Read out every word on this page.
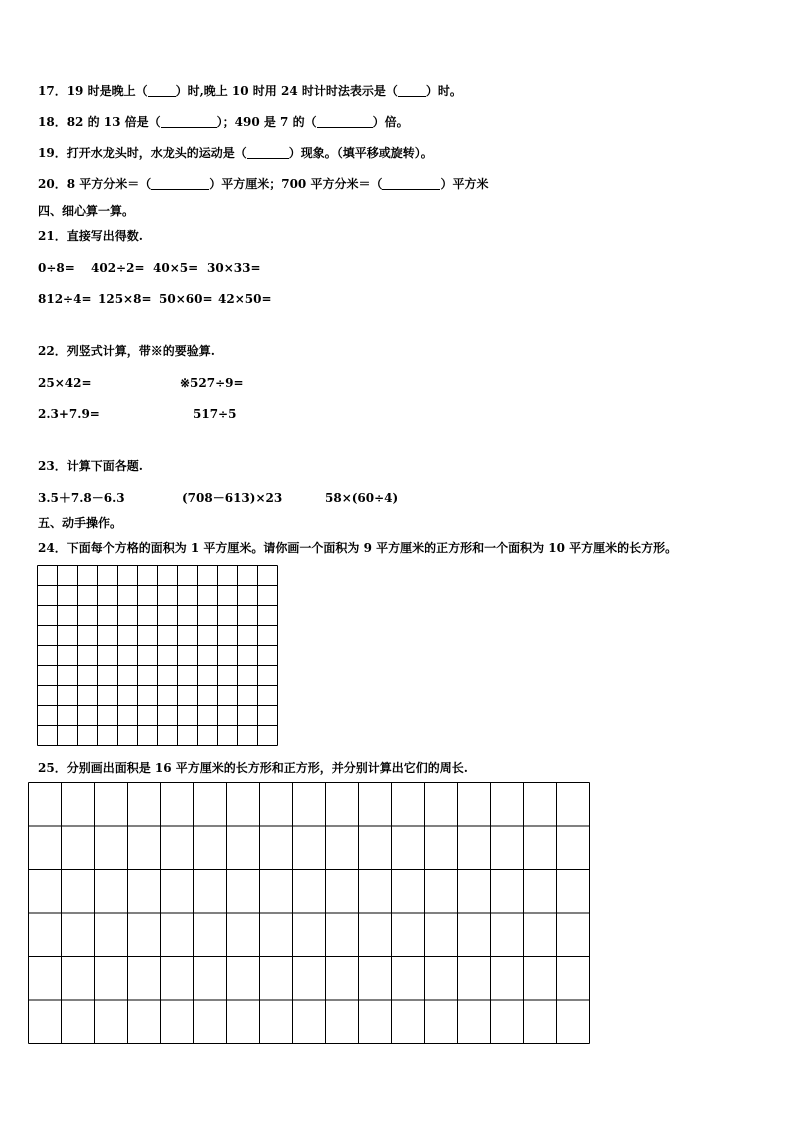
17．19 时是晚上（ ）时,晚上 10 时用 24 时计时法表示是（ ）时。
18．82 的 13 倍是（	）；490 是 7 的（	）倍。
19．打开水龙头时，水龙头的运动是（	）现象。（填平移或旋转）。
20．8 平方分米＝（	）平方厘米；700 平方分米＝（	）平方米
四、细心算一算。
21．直接写出得数.
0÷8= 402÷2= 40×5= 30×33=
812÷4= 125×8= 50×60= 42×50=
22．列竖式计算，带※的要验算.
25×42=	※527÷9=
2.3+7.9=	517÷5
23．计算下面各题.
3.5＋7.8－6.3	(708－613)×23	58×(60÷4)
五、动手操作。
24．下面每个方格的面积为 1 平方厘米。请你画一个面积为 9 平方厘米的正方形和一个面积为 10 平方厘米的长方形。
25．分别画出面积是 16 平方厘米的长方形和正方形，并分别计算出它们的周长.
